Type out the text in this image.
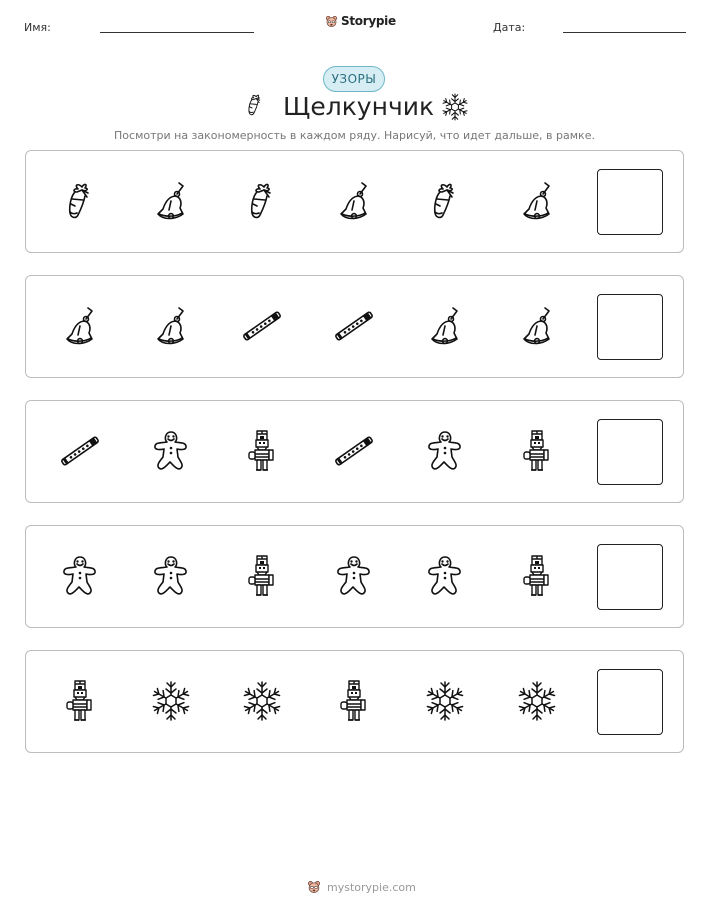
Имя:	Storypie	Дата:
УЗОРЫ
Щелкунчик
Посмотри на закономерность в каждом ряду. Нарисуй, что идет дальше, в рамке.
mystorypie.com
